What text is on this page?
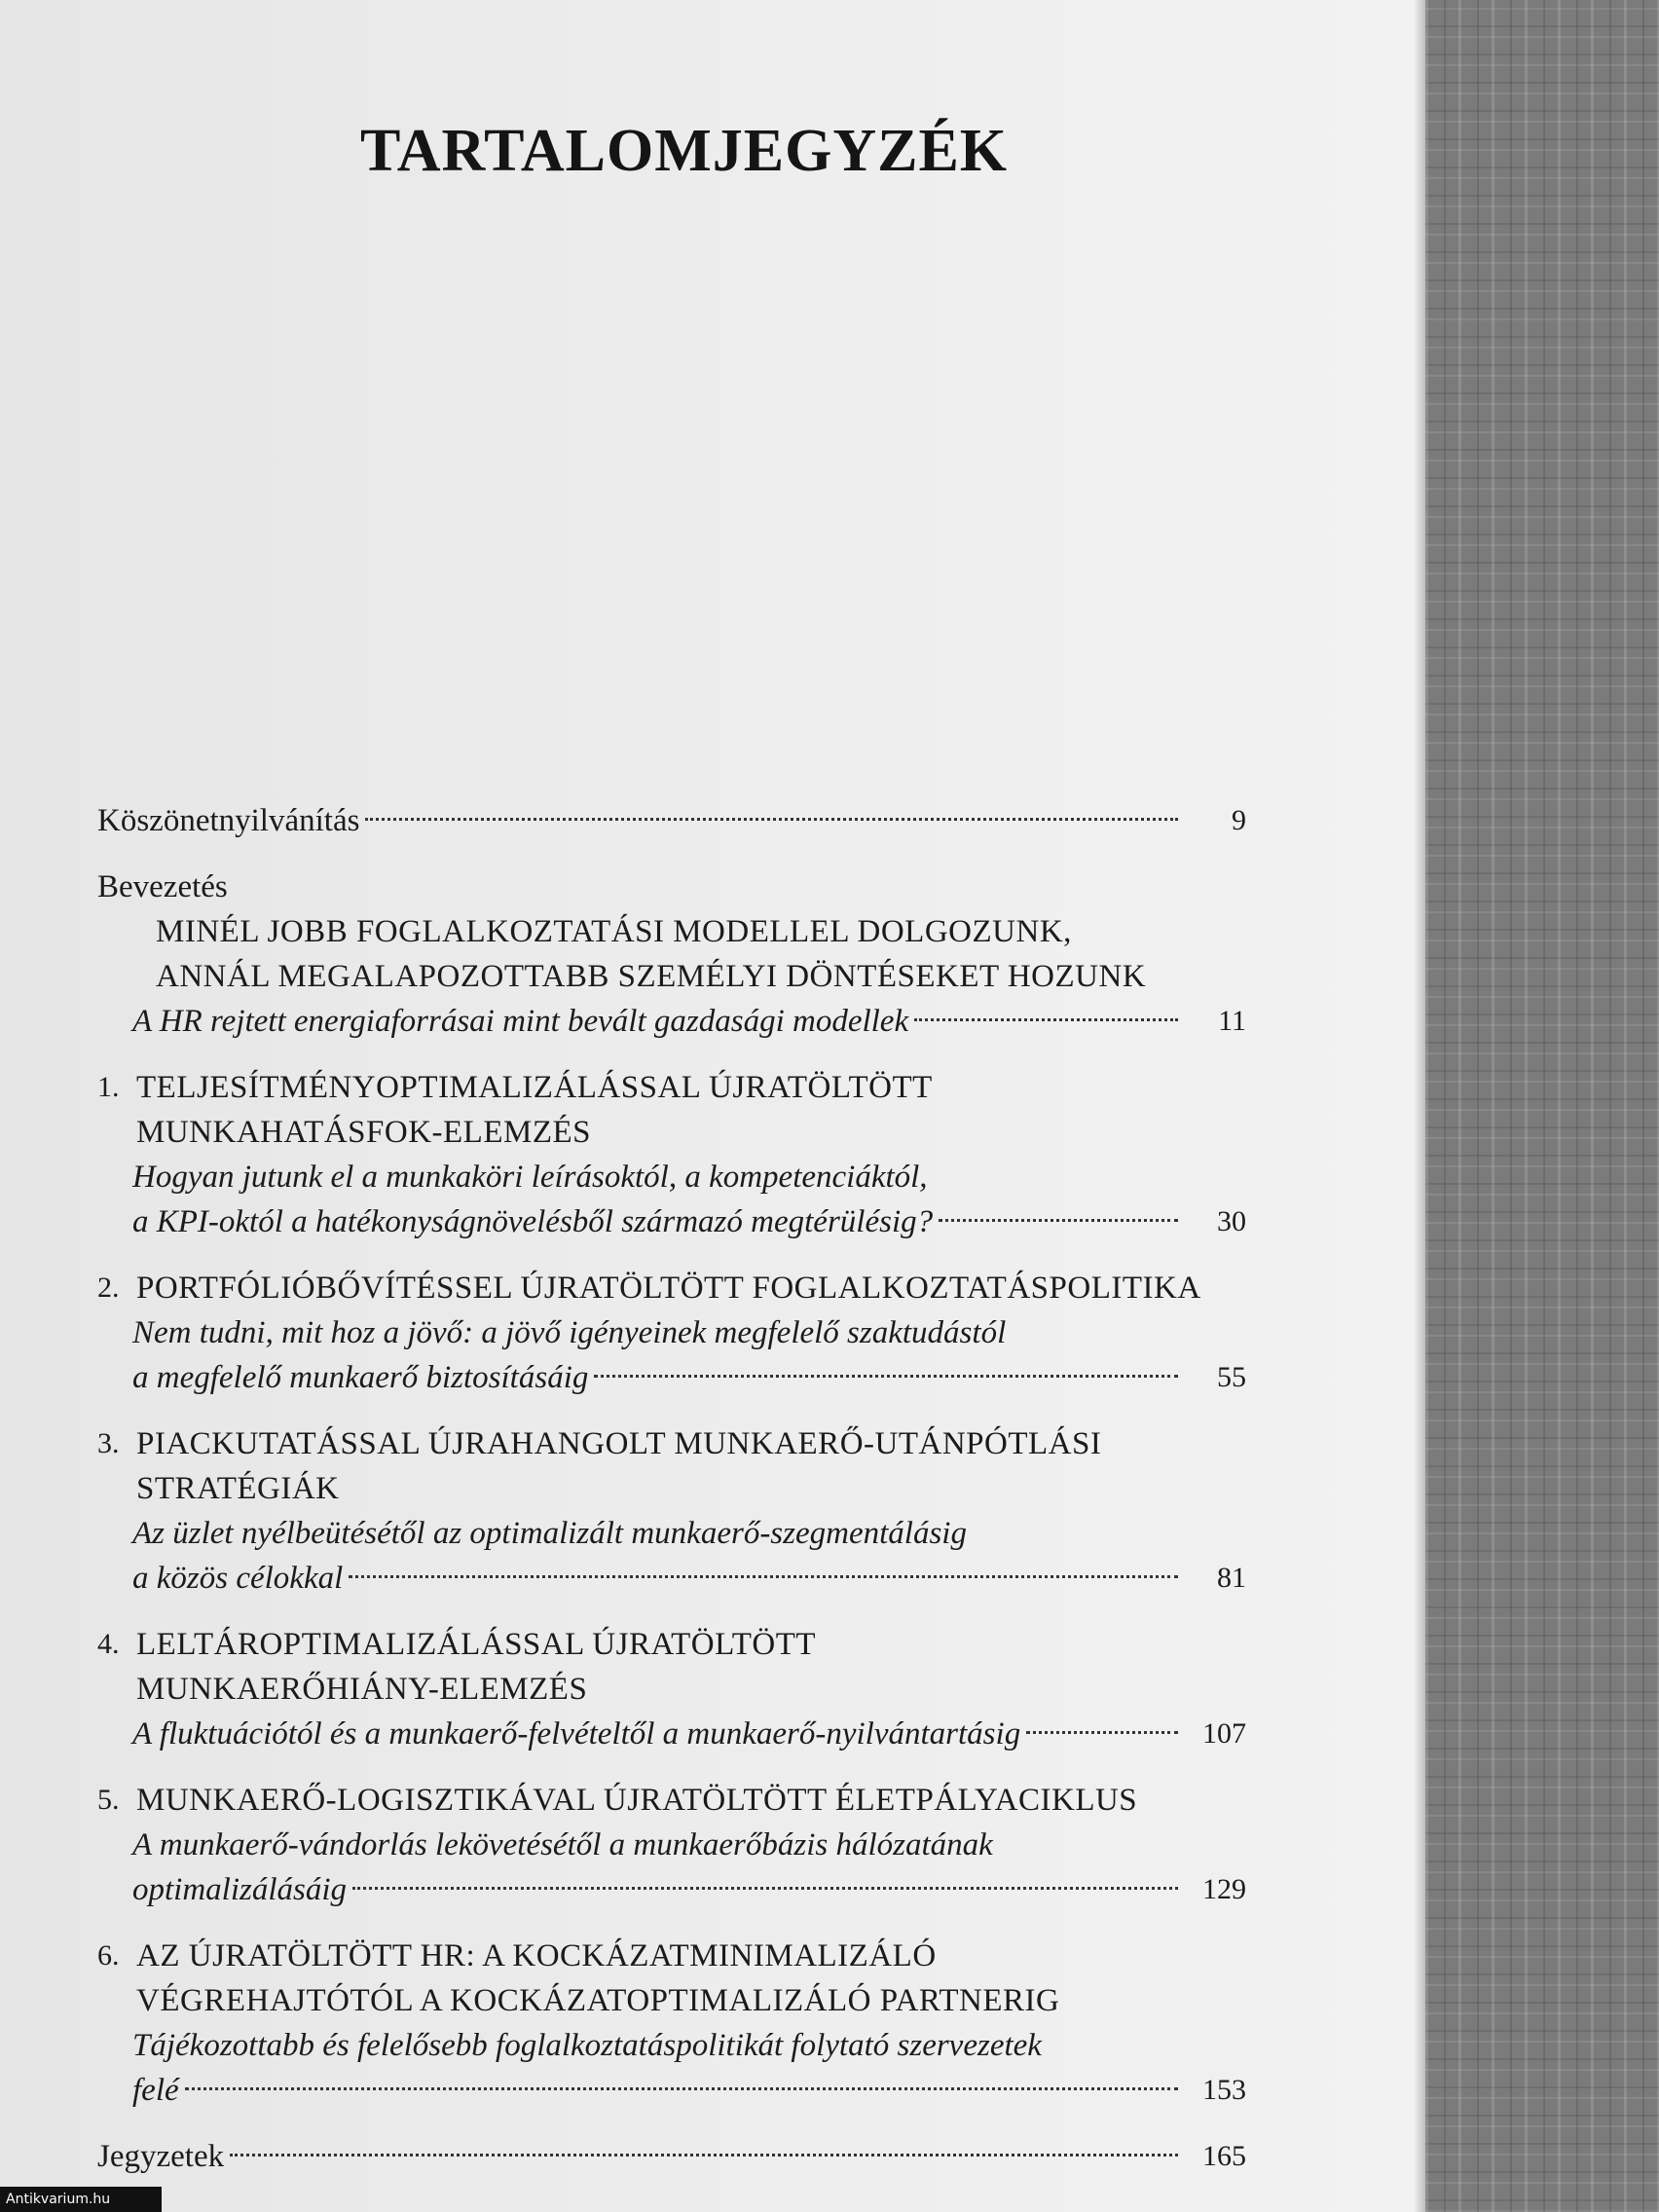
TARTALOMJEGYZÉK
Köszönetnyilvánítás	9
Bevezetés
MINÉL JOBB FOGLALKOZTATÁSI MODELLEL DOLGOZUNK,
ANNÁL MEGALAPOZOTTABB SZEMÉLYI DÖNTÉSEKET HOZUNK
A HR rejtett energiaforrásai mint bevált gazdasági modellek	11
1. TELJESÍTMÉNYOPTIMALIZÁLÁSSAL ÚJRATÖLTÖTT
MUNKAHATÁSFOK-ELEMZÉS
Hogyan jutunk el a munkaköri leírásoktól, a kompetenciáktól,
a KPI-októl a hatékonyságnövelésből származó megtérülésig?	30
2. PORTFÓLIÓBŐVÍTÉSSEL ÚJRATÖLTÖTT FOGLALKOZTATÁSPOLITIKA
Nem tudni, mit hoz a jövő: a jövő igényeinek megfelelő szaktudástól
a megfelelő munkaerő biztosításáig	55
3. PIACKUTATÁSSAL ÚJRAHANGOLT MUNKAERŐ-UTÁNPÓTLÁSI
STRATÉGIÁK
Az üzlet nyélbeütésétől az optimalizált munkaerő-szegmentálásig
a közös célokkal	81
4. LELTÁROPTIMALIZÁLÁSSAL ÚJRATÖLTÖTT
MUNKAERŐHIÁNY-ELEMZÉS
A fluktuációtól és a munkaerő-felvételtől a munkaerő-nyilvántartásig	107
5. MUNKAERŐ-LOGISZTIKÁVAL ÚJRATÖLTÖTT ÉLETPÁLYACIKLUS
A munkaerő-vándorlás lekövetésétől a munkaerőbázis hálózatának
optimalizálásáig	129
6. AZ ÚJRATÖLTÖTT HR: A KOCKÁZATMINIMALIZÁLÓ
VÉGREHAJTÓTÓL A KOCKÁZATOPTIMALIZÁLÓ PARTNERIG
Tájékozottabb és felelősebb foglalkoztatáspolitikát folytató szervezetek
felé	153
Jegyzetek	165
Antikvarium.hu
